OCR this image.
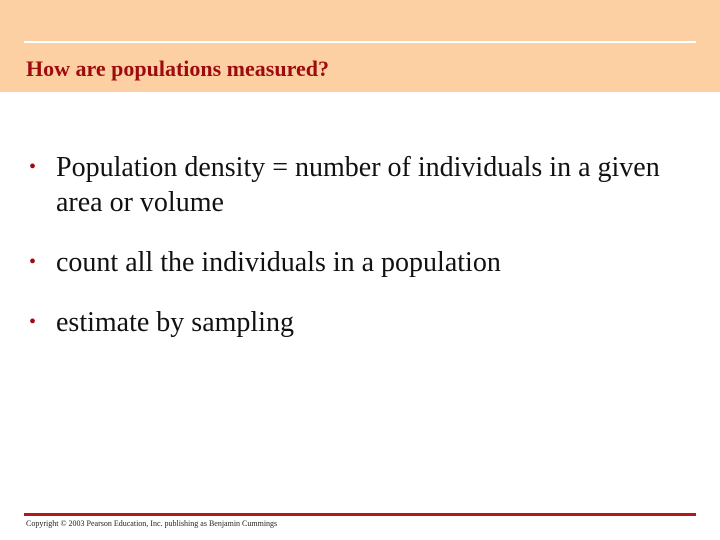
How are populations measured?
• Population density = number of individuals in a given area or volume
• count all the individuals in a population
• estimate by sampling

Copyright © 2003 Pearson Education, Inc. publishing as Benjamin Cummings
